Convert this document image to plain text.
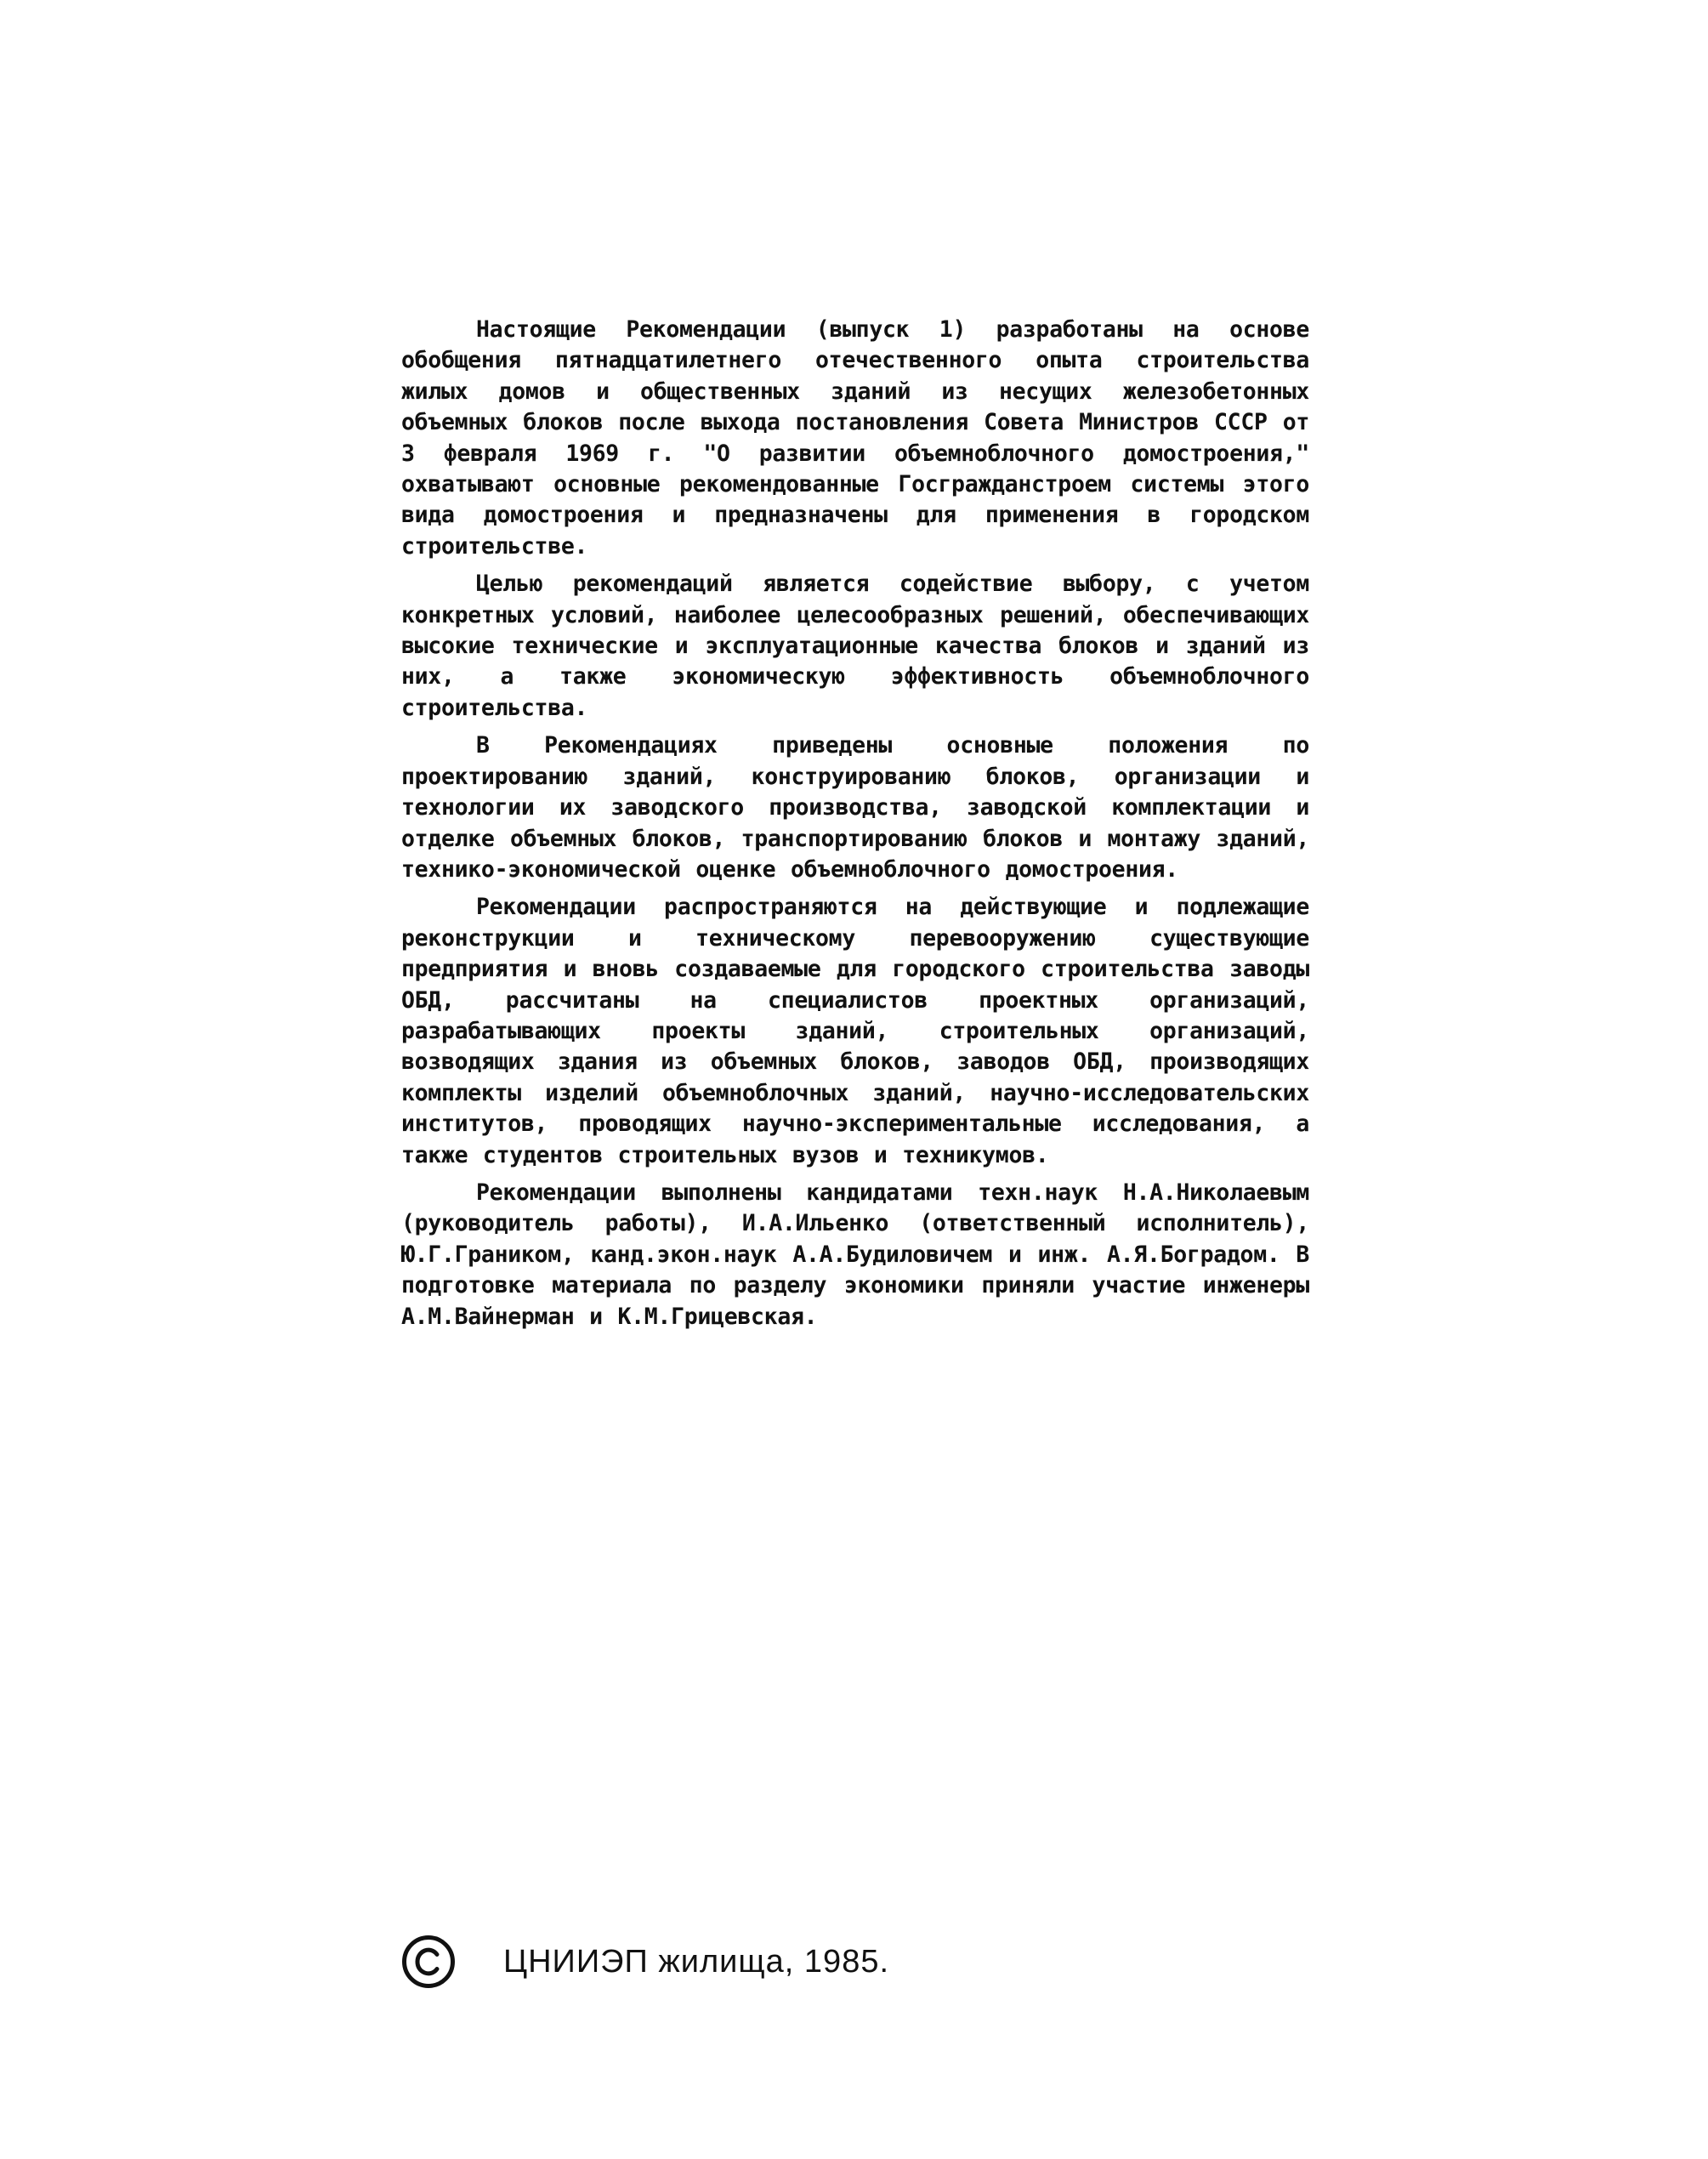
Настоящие Рекомендации (выпуск 1) разработаны на основе обобщения пятнадцатилетнего отечественного опыта строительства жилых домов и общественных зданий из несущих железобетонных объемных блоков после выхода постановления Совета Министров СССР от 3 февраля 1969 г. "О развитии объемноблочного домостроения," охватывают основные рекомендованные Госгражданстроем системы этого вида домостроения и предназначены для применения в городском строительстве.

Целью рекомендаций является содействие выбору, с учетом конкретных условий, наиболее целесообразных решений, обеспечивающих высокие технические и эксплуатационные качества блоков и зданий из них, а также экономическую эффективность объемноблочного строительства.

В Рекомендациях приведены основные положения по проектированию зданий, конструированию блоков, организации и технологии их заводского производства, заводской комплектации и отделке объемных блоков, транспортированию блоков и монтажу зданий, технико-экономической оценке объемноблочного домостроения.

Рекомендации распространяются на действующие и подлежащие реконструкции и техническому перевооружению существующие предприятия и вновь создаваемые для городского строительства заводы ОБД, рассчитаны на специалистов проектных организаций, разрабатывающих проекты зданий, строительных организаций, возводящих здания из объемных блоков, заводов ОБД, производящих комплекты изделий объемноблочных зданий, научно-исследовательских институтов, проводящих научно-экспериментальные исследования, а также студентов строительных вузов и техникумов.

Рекомендации выполнены кандидатами техн.наук Н.А.Николаевым (руководитель работы), И.А.Ильенко (ответственный исполнитель), Ю.Г.Граником, канд.экон.наук А.А.Будиловичем и инж. А.Я.Боградом. В подготовке материала по разделу экономики приняли участие инженеры А.М.Вайнерман и К.М.Грицевская.

ЦНИИЭП жилища, 1985.
